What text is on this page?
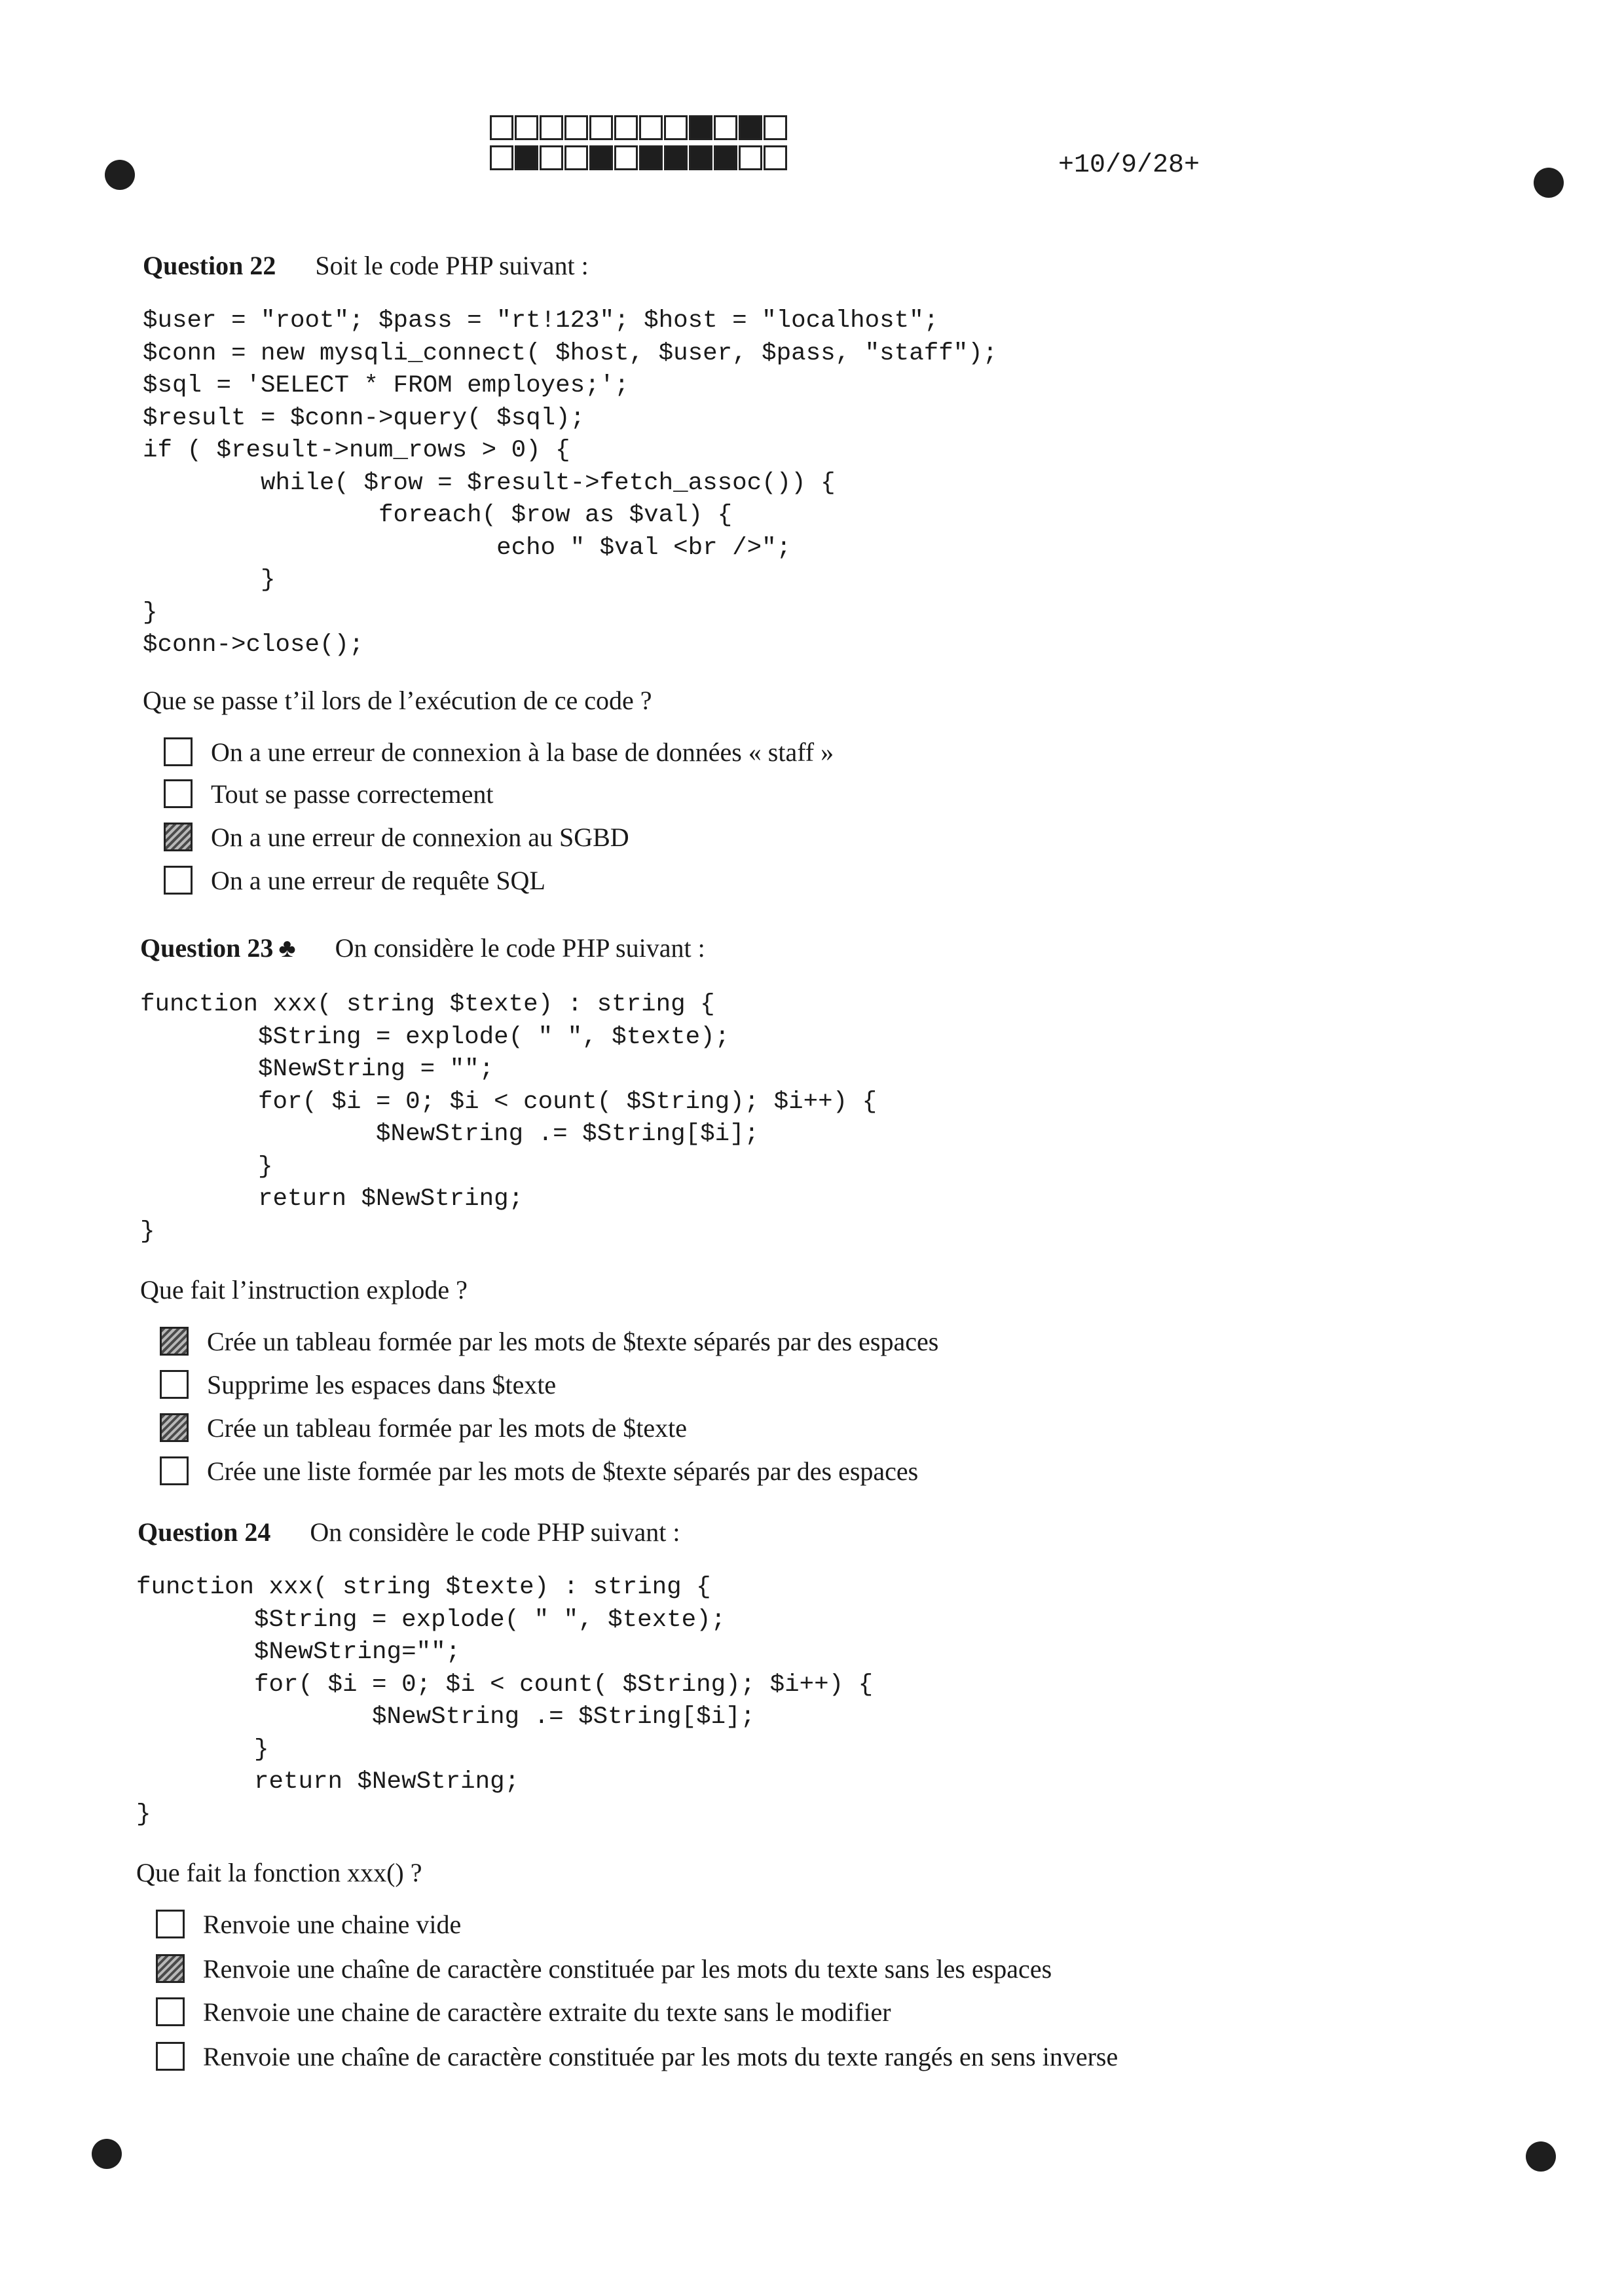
+10/9/28+
Question 22 Soit le code PHP suivant :
$user = "root"; $pass = "rt!123"; $host = "localhost";
$conn = new mysqli_connect( $host, $user, $pass, "staff");
$sql = 'SELECT * FROM employes;';
$result = $conn->query( $sql);
if ( $result->num_rows > 0) {
while( $row = $result->fetch_assoc()) {
foreach( $row as $val) {
echo " $val <br />";
}
}
$conn->close();
Que se passe t’il lors de l’exécution de ce code ?
On a une erreur de connexion à la base de données « staff »
Tout se passe correctement
On a une erreur de connexion au SGBD
On a une erreur de requête SQL
Question 23 ♣ On considère le code PHP suivant :
function xxx( string $texte) : string {
$String = explode( " ", $texte);
$NewString = "";
for( $i = 0; $i < count( $String); $i++) {
$NewString .= $String[$i];
}
return $NewString;
}
Que fait l’instruction explode ?
Crée un tableau formée par les mots de $texte séparés par des espaces
Supprime les espaces dans $texte
Crée un tableau formée par les mots de $texte
Crée une liste formée par les mots de $texte séparés par des espaces
Question 24 On considère le code PHP suivant :
function xxx( string $texte) : string {
$String = explode( " ", $texte);
$NewString="";
for( $i = 0; $i < count( $String); $i++) {
$NewString .= $String[$i];
}
return $NewString;
}
Que fait la fonction xxx() ?
Renvoie une chaine vide
Renvoie une chaîne de caractère constituée par les mots du texte sans les espaces
Renvoie une chaine de caractère extraite du texte sans le modifier
Renvoie une chaîne de caractère constituée par les mots du texte rangés en sens inverse
